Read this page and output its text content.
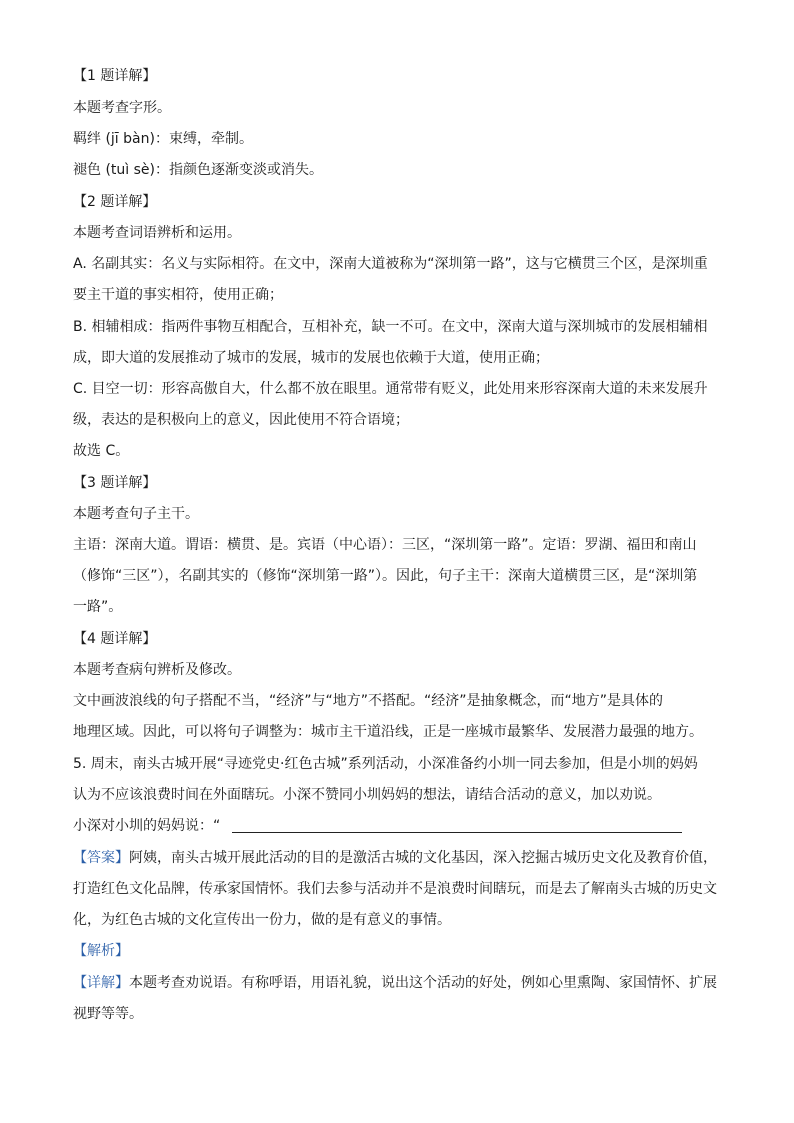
【1 题详解】
本题考查字形。
羁绊 (jī bàn)：束缚，牵制。
褪色 (tuì sè)：指颜色逐渐变淡或消失。
【2 题详解】
本题考查词语辨析和运用。
A. 名副其实：名义与实际相符。在文中，深南大道被称为“深圳第一路”，这与它横贯三个区，是深圳重
要主干道的事实相符，使用正确；
B. 相辅相成：指两件事物互相配合，互相补充，缺一不可。在文中，深南大道与深圳城市的发展相辅相
成，即大道的发展推动了城市的发展，城市的发展也依赖于大道，使用正确；
C. 目空一切：形容高傲自大，什么都不放在眼里。通常带有贬义，此处用来形容深南大道的未来发展升
级，表达的是积极向上的意义，因此使用不符合语境；
故选 C。
【3 题详解】
本题考查句子主干。
主语：深南大道。谓语：横贯、是。宾语（中心语）：三区，“深圳第一路”。定语：罗湖、福田和南山
（修饰“三区”），名副其实的（修饰“深圳第一路”）。因此，句子主干：深南大道横贯三区，是“深圳第
一路”。
【4 题详解】
本题考查病句辨析及修改。
文中画波浪线的句子搭配不当，“经济”与“地方”不搭配。“经济”是抽象概念，而“地方”是具体的
地理区域。因此，可以将句子调整为：城市主干道沿线，正是一座城市最繁华、发展潜力最强的地方。
5. 周末，南头古城开展“寻迹党史·红色古城”系列活动，小深准备约小圳一同去参加，但是小圳的妈妈
认为不应该浪费时间在外面瞎玩。小深不赞同小圳妈妈的想法，请结合活动的意义，加以劝说。
小深对小圳的妈妈说：“
【答案】阿姨，南头古城开展此活动的目的是激活古城的文化基因，深入挖掘古城历史文化及教育价值，
打造红色文化品牌，传承家国情怀。我们去参与活动并不是浪费时间瞎玩，而是去了解南头古城的历史文
化，为红色古城的文化宣传出一份力，做的是有意义的事情。
【解析】
【详解】本题考查劝说语。有称呼语，用语礼貌，说出这个活动的好处，例如心里熏陶、家国情怀、扩展
视野等等。
